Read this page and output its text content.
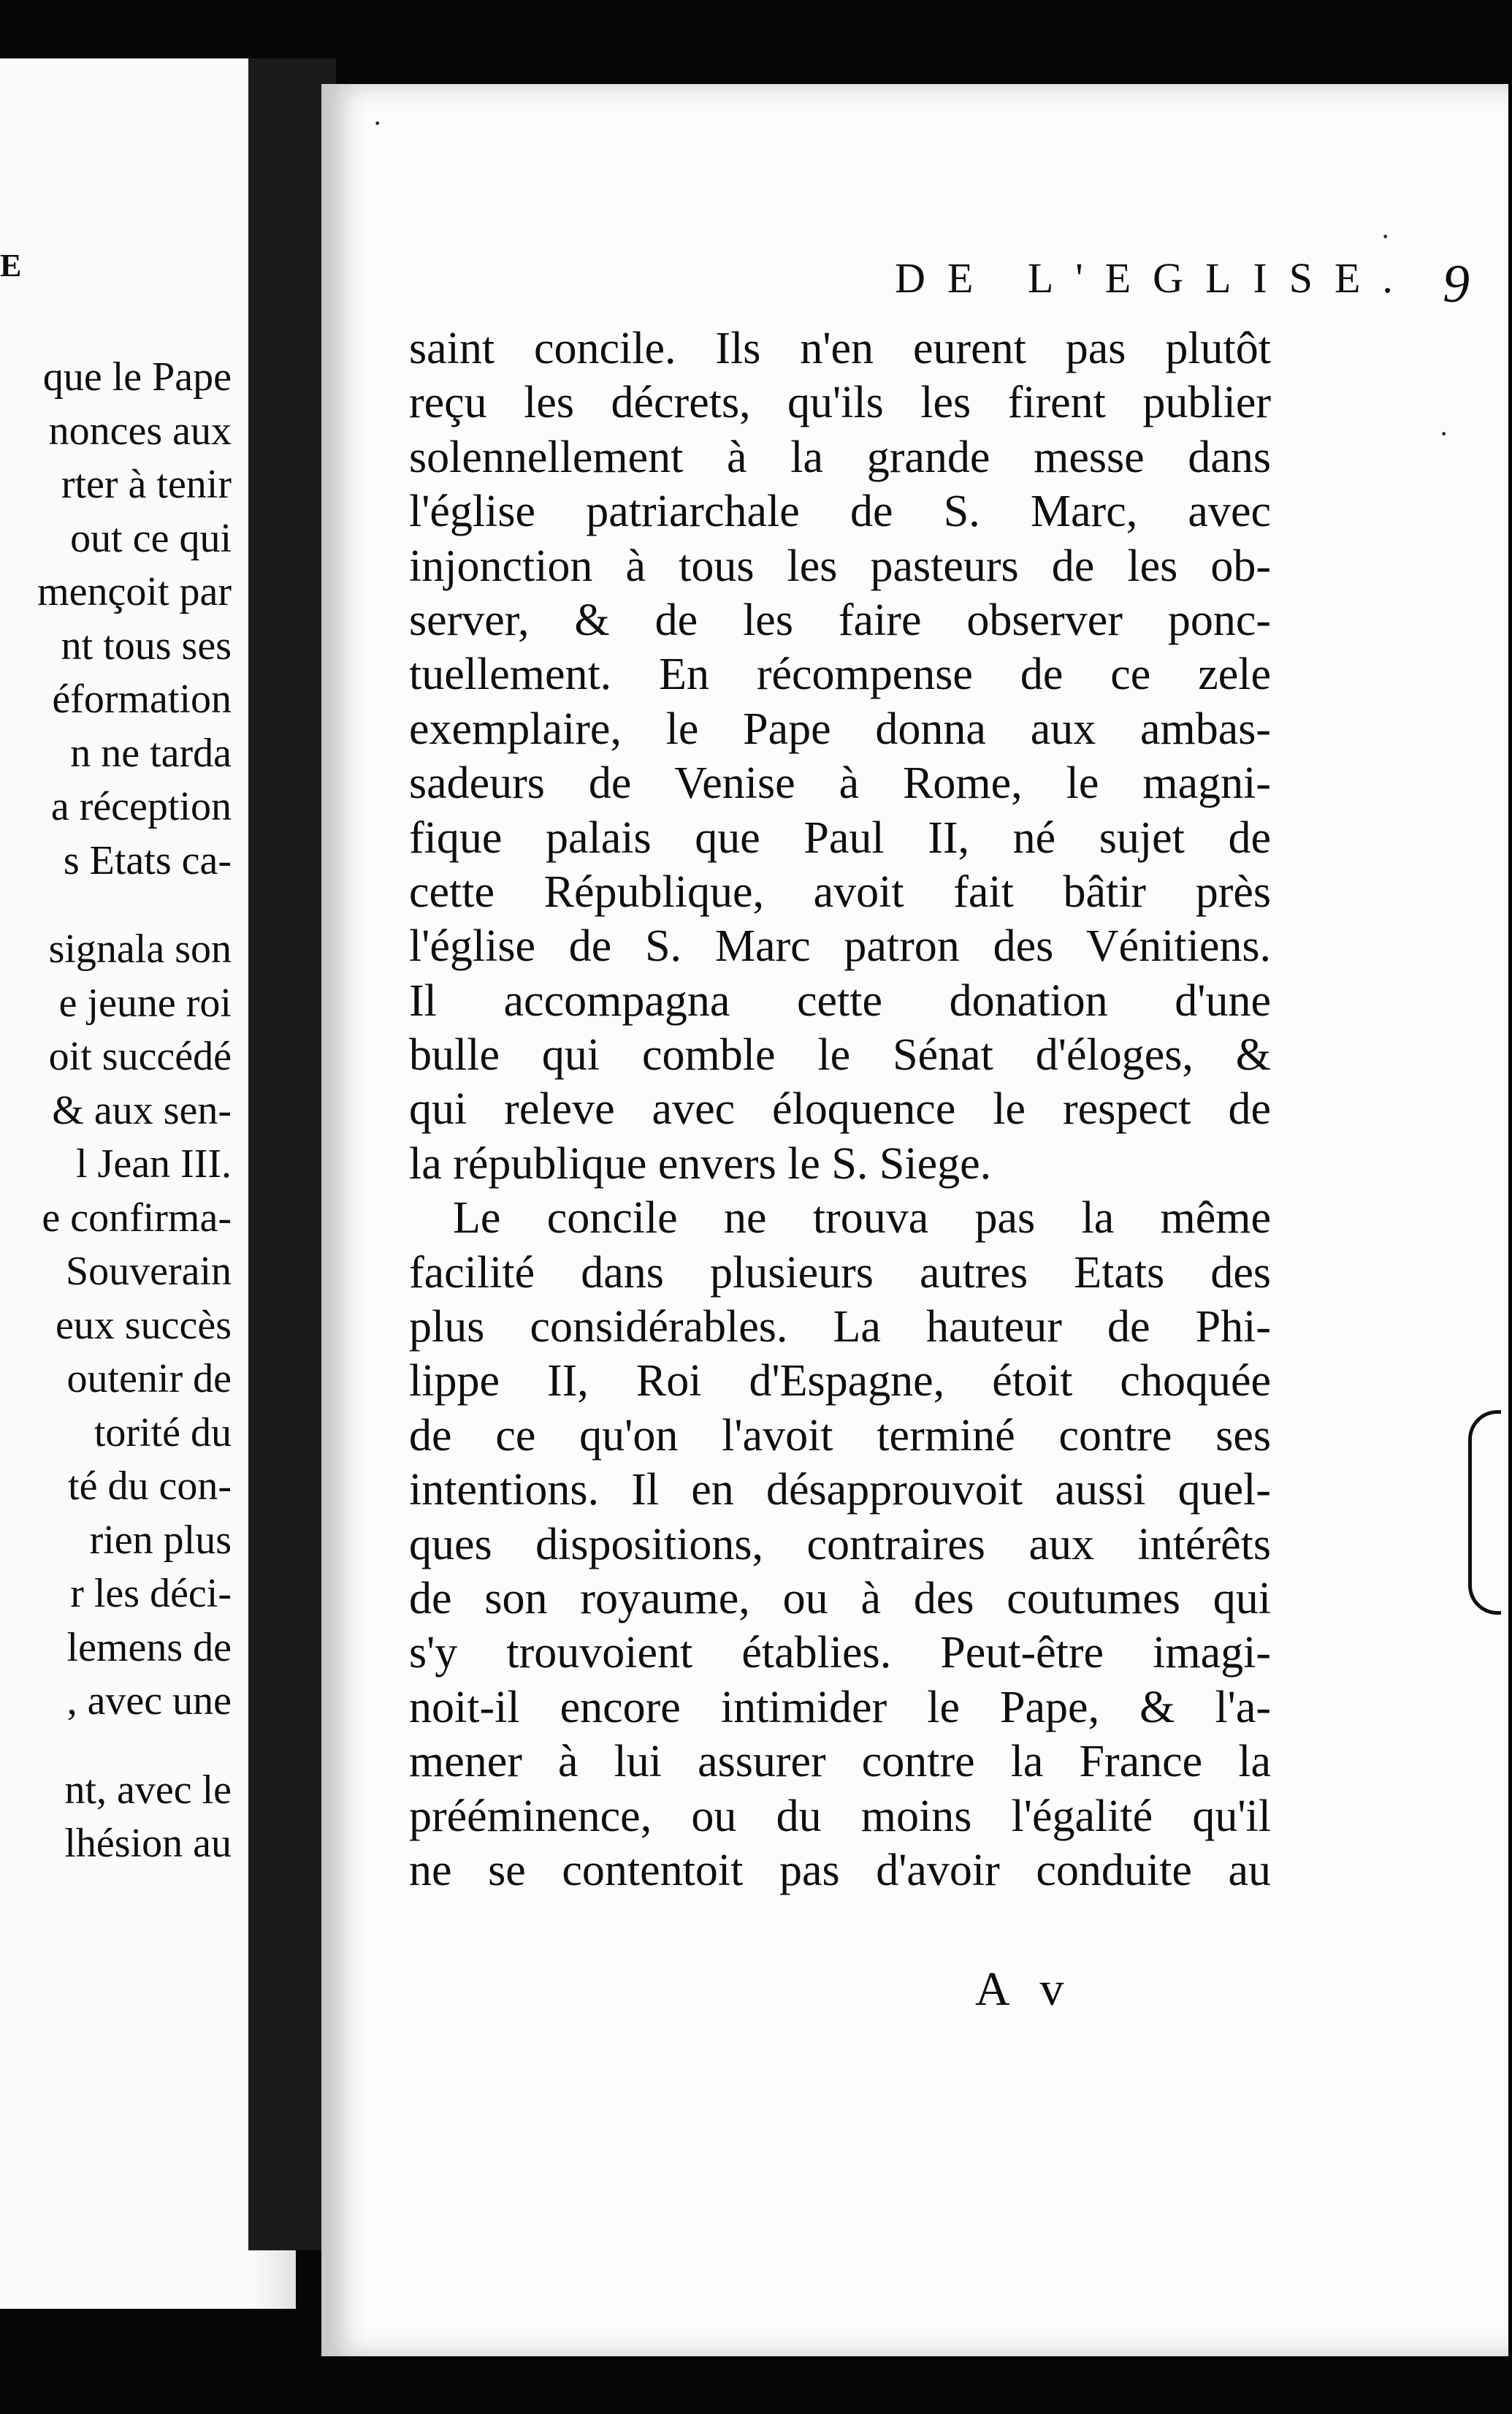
E
que le Pape
nonces aux
rter à tenir
out ce qui
mençoit par
nt tous ses
éformation
n ne tarda
a réception
s Etats ca-
signala son
e jeune roi
oit succédé
& aux sen-
l Jean III.
e confirma-
Souverain
eux succès
outenir de
torité du
té du con-
rien plus
r les déci-
lemens de
, avec une
nt, avec le
lhésion au
DE L'EGLISE. 9
saint concile. Ils n'en eurent pas plutôt
reçu les décrets, qu'ils les firent publier
solennellement à la grande messe dans
l'église patriarchale de S. Marc, avec
injonction à tous les pasteurs de les ob-
server, & de les faire observer ponc-
tuellement. En récompense de ce zele
exemplaire, le Pape donna aux ambas-
sadeurs de Venise à Rome, le magni-
fique palais que Paul II, né sujet de
cette République, avoit fait bâtir près
l'église de S. Marc patron des Vénitiens.
Il accompagna cette donation d'une
bulle qui comble le Sénat d'éloges, &
qui releve avec éloquence le respect de
la république envers le S. Siege.
Le concile ne trouva pas la même
facilité dans plusieurs autres Etats des
plus considérables. La hauteur de Phi-
lippe II, Roi d'Espagne, étoit choquée
de ce qu'on l'avoit terminé contre ses
intentions. Il en désapprouvoit aussi quel-
ques dispositions, contraires aux intérêts
de son royaume, ou à des coutumes qui
s'y trouvoient établies. Peut-être imagi-
noit-il encore intimider le Pape, & l'a-
mener à lui assurer contre la France la
prééminence, ou du moins l'égalité qu'il
ne se contentoit pas d'avoir conduite au
A v
·
·
·
